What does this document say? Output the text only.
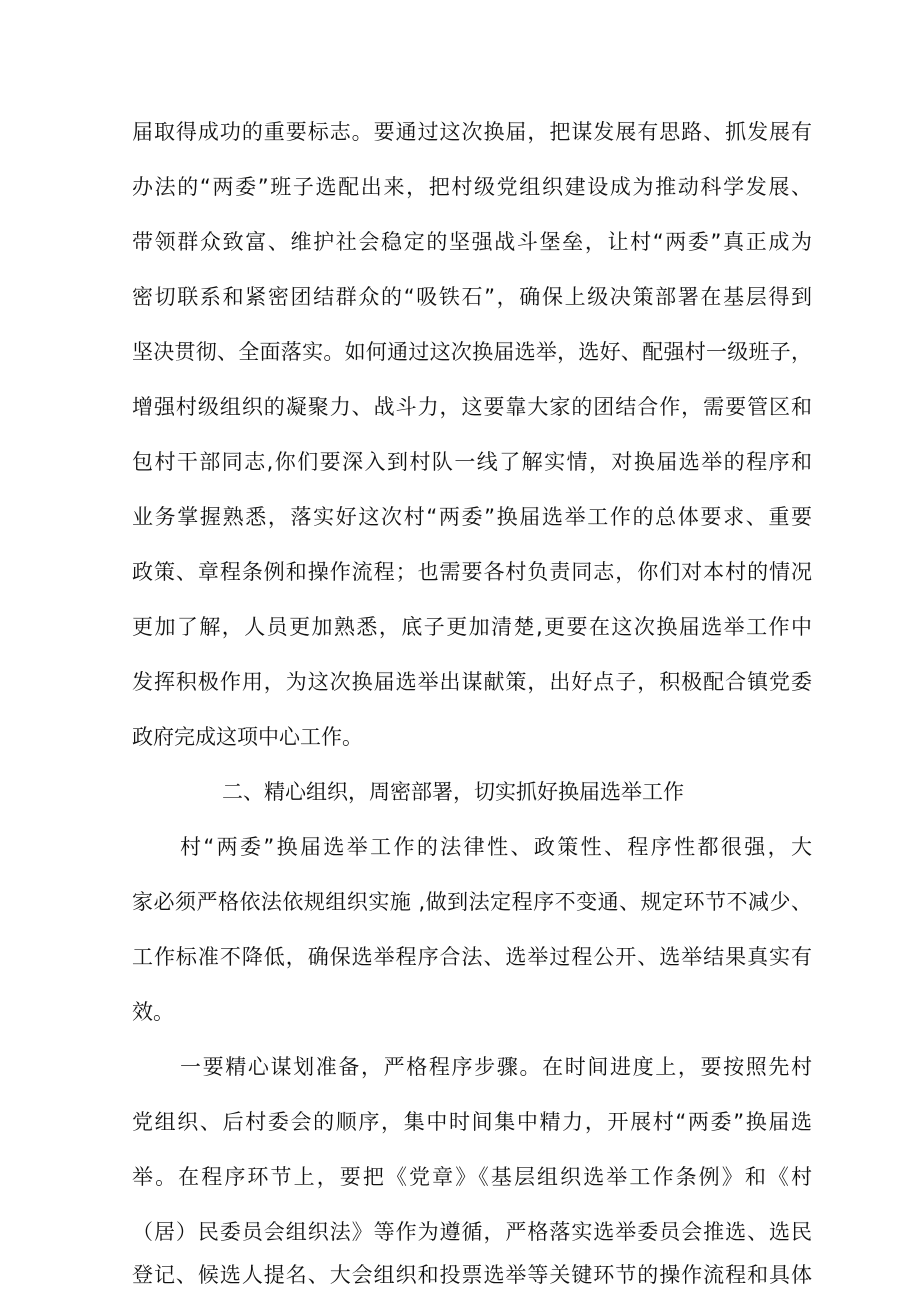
届取得成功的重要标志。要通过这次换届，把谋发展有思路、抓发展有
办法的“两委”班子选配出来，把村级党组织建设成为推动科学发展、
带领群众致富、维护社会稳定的坚强战斗堡垒，让村“两委”真正成为
密切联系和紧密团结群众的“吸铁石”，确保上级决策部署在基层得到
坚决贯彻、全面落实。如何通过这次换届选举，选好、配强村一级班子，
增强村级组织的凝聚力、战斗力，这要靠大家的团结合作，需要管区和
包村干部同志,你们要深入到村队一线了解实情，对换届选举的程序和
业务掌握熟悉，落实好这次村“两委”换届选举工作的总体要求、重要
政策、章程条例和操作流程；也需要各村负责同志，你们对本村的情况
更加了解，人员更加熟悉，底子更加清楚,更要在这次换届选举工作中
发挥积极作用，为这次换届选举出谋献策，出好点子，积极配合镇党委
政府完成这项中心工作。
二、精心组织，周密部署，切实抓好换届选举工作
村“两委”换届选举工作的法律性、政策性、程序性都很强，大
家必须严格依法依规组织实施 ,做到法定程序不变通、规定环节不减少、
工作标准不降低，确保选举程序合法、选举过程公开、选举结果真实有
效。
一要精心谋划准备，严格程序步骤。在时间进度上，要按照先村
党组织、后村委会的顺序，集中时间集中精力，开展村“两委”换届选
举。在程序环节上，要把《党章》《基层组织选举工作条例》和《村
（居）民委员会组织法》等作为遵循，严格落实选举委员会推选、选民
登记、候选人提名、大会组织和投票选举等关键环节的操作流程和具体
